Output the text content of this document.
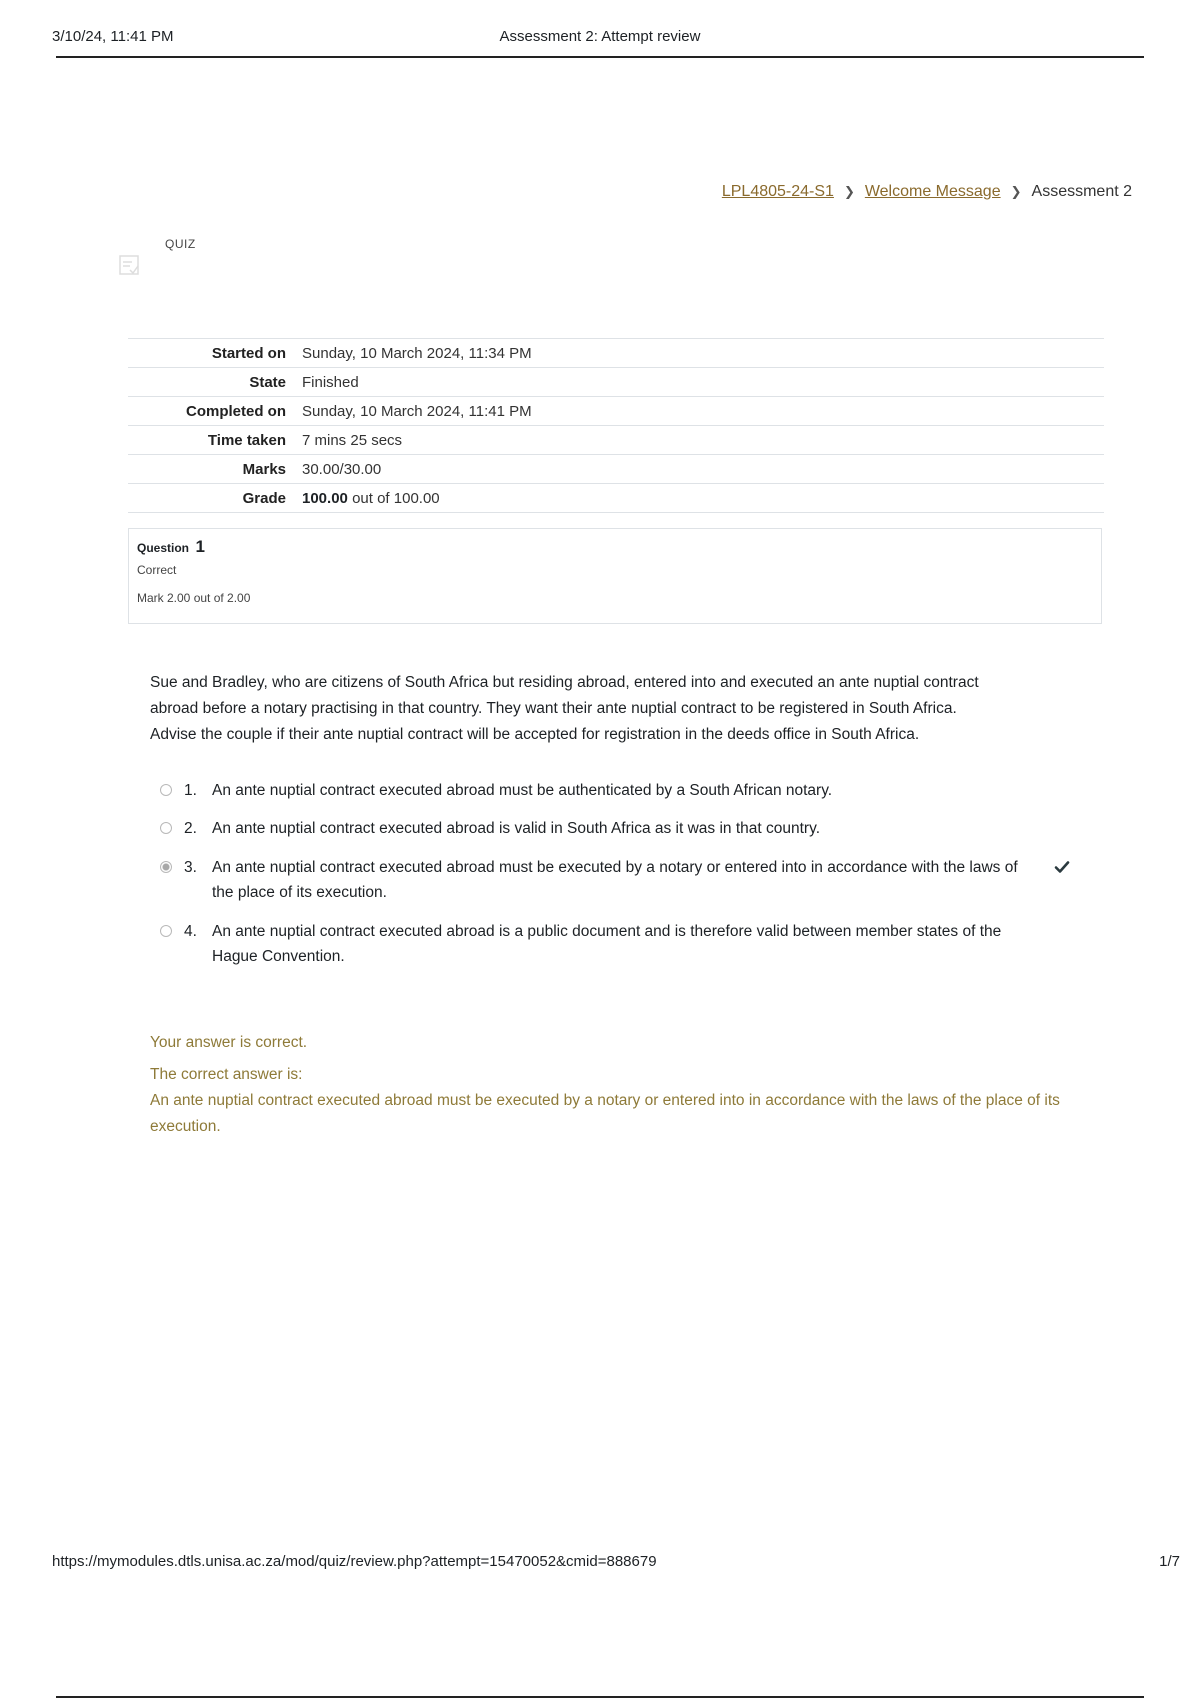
3/10/24, 11:41 PM	Assessment 2: Attempt review
LPL4805-24-S1 ❯ Welcome Message ❯ Assessment 2
QUIZ
Started on	Sunday, 10 March 2024, 11:34 PM
State	Finished
Completed on	Sunday, 10 March 2024, 11:41 PM
Time taken	7 mins 25 secs
Marks	30.00/30.00
Grade	100.00 out of 100.00
Question 1
Correct
Mark 2.00 out of 2.00
Sue and Bradley, who are citizens of South Africa but residing abroad, entered into and executed an ante nuptial contract
abroad before a notary practising in that country. They want their ante nuptial contract to be registered in South Africa.
Advise the couple if their ante nuptial contract will be accepted for registration in the deeds office in South Africa.
1. An ante nuptial contract executed abroad must be authenticated by a South African notary.
2. An ante nuptial contract executed abroad is valid in South Africa as it was in that country.
3. An ante nuptial contract executed abroad must be executed by a notary or entered into in accordance with the laws of the place of its execution.
4. An ante nuptial contract executed abroad is a public document and is therefore valid between member states of the Hague Convention.
Your answer is correct.
The correct answer is:
An ante nuptial contract executed abroad must be executed by a notary or entered into in accordance with the laws of the place of its execution.
https://mymodules.dtls.unisa.ac.za/mod/quiz/review.php?attempt=15470052&cmid=888679	1/7
